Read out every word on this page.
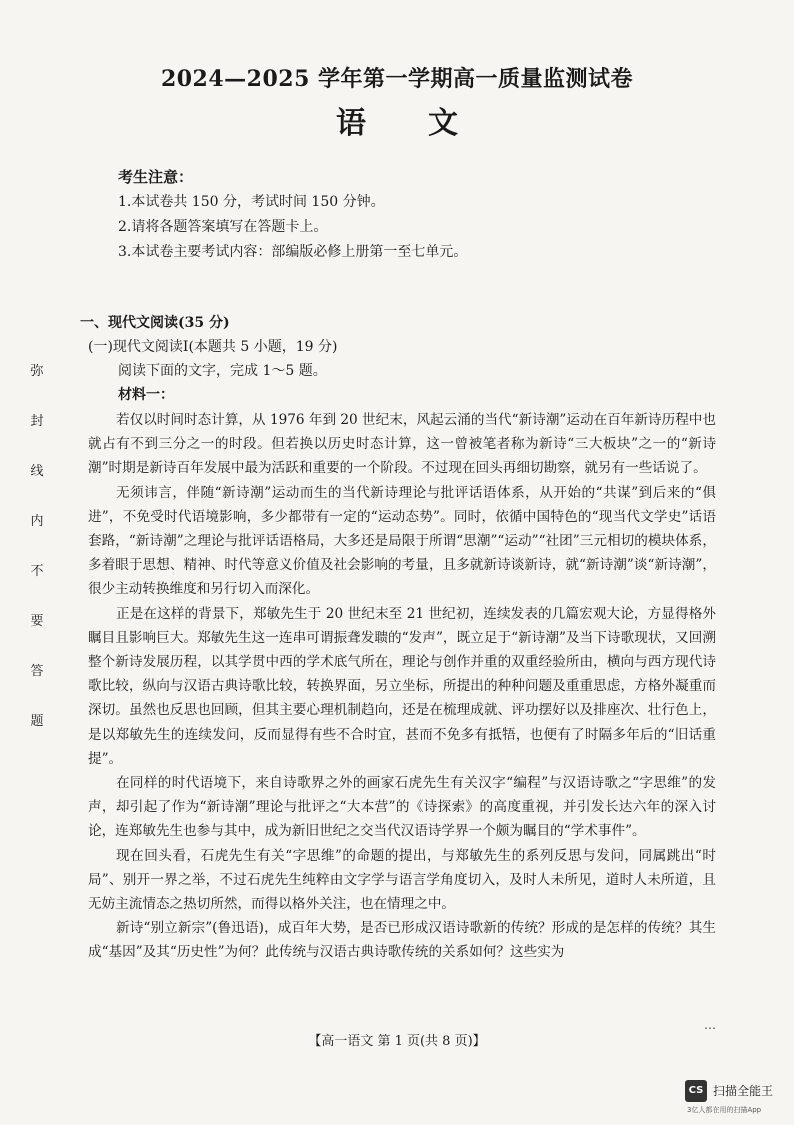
2024—2025 学年第一学期高一质量监测试卷
语文
考生注意：
1.本试卷共 150 分，考试时间 150 分钟。
2.请将各题答案填写在答题卡上。
3.本试卷主要考试内容：部编版必修上册第一至七单元。
一、现代文阅读(35 分)
(一)现代文阅读Ⅰ(本题共 5 小题，19 分)
阅读下面的文字，完成 1～5 题。
材料一：

若仅以时间时态计算，从 1976 年到 20 世纪末，风起云涌的当代“新诗潮”运动在百年新诗历程中也就占有不到三分之一的时段。但若换以历史时态计算，这一曾被笔者称为新诗“三大板块”之一的“新诗潮”时期是新诗百年发展中最为活跃和重要的一个阶段。不过现在回头再细切勘察，就另有一些话说了。

无须讳言，伴随“新诗潮”运动而生的当代新诗理论与批评话语体系，从开始的“共谋”到后来的“俱进”，不免受时代语境影响，多少都带有一定的“运动态势”。同时，依循中国特色的“现当代文学史”话语套路，“新诗潮”之理论与批评话语格局，大多还是局限于所谓“思潮”“运动”“社团”三元相切的模块体系，多着眼于思想、精神、时代等意义价值及社会影响的考量，且多就新诗谈新诗，就“新诗潮”谈“新诗潮”，很少主动转换维度和另行切入而深化。

正是在这样的背景下，郑敏先生于 20 世纪末至 21 世纪初，连续发表的几篇宏观大论，方显得格外瞩目且影响巨大。郑敏先生这一连串可谓振聋发聩的“发声”，既立足于“新诗潮”及当下诗歌现状，又回溯整个新诗发展历程，以其学贯中西的学术底气所在，理论与创作并重的双重经验所由，横向与西方现代诗歌比较，纵向与汉语古典诗歌比较，转换界面，另立坐标，所提出的种种问题及重重思虑，方格外凝重而深切。虽然也反思也回顾，但其主要心理机制趋向，还是在梳理成就、评功摆好以及排座次、壮行色上，是以郑敏先生的连续发问，反而显得有些不合时宜，甚而不免多有抵牾，也便有了时隔多年后的“旧话重提”。

在同样的时代语境下，来自诗歌界之外的画家石虎先生有关汉字“编程”与汉语诗歌之“字思维”的发声，却引起了作为“新诗潮”理论与批评之“大本营”的《诗探索》的高度重视，并引发长达六年的深入讨论，连郑敏先生也参与其中，成为新旧世纪之交当代汉语诗学界一个颇为瞩目的“学术事件”。

现在回头看，石虎先生有关“字思维”的命题的提出，与郑敏先生的系列反思与发问，同属跳出“时局”、别开一界之举，不过石虎先生纯粹由文字学与语言学角度切入，及时人未所见，道时人未所道，且无妨主流情态之热切所然，而得以格外关注，也在情理之中。

新诗“别立新宗”(鲁迅语)，成百年大势，是否已形成汉语诗歌新的传统？形成的是怎样的传统？其生成“基因”及其“历史性”为何？此传统与汉语古典诗歌传统的关系如何？这些实为

弥
封
线
内
不
要
答
题
【高一语文 第 1 页(共 8 页)】
…
CS 扫描全能王
3亿人都在用的扫描App
